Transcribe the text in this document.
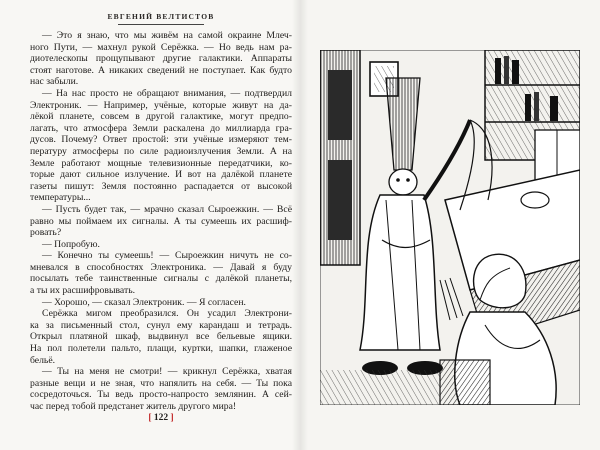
ЕВГЕНИЙ ВЕЛТИСТОВ
— Это я знаю, что мы живём на самой окраине Млеч-
ного Пути, — махнул рукой Серёжка. — Но ведь нам ра-
диотелескопы прощупывают другие галактики. Аппараты
стоят наготове. А никаких сведений не поступает. Как будто
нас забыли.
— На нас просто не обращают внимания, — подтвердил
Электроник. — Например, учёные, которые живут на да-
лёкой планете, совсем в другой галактике, могут предпо-
лагать, что атмосфера Земли раскалена до миллиарда гра-
дусов. Почему? Ответ простой: эти учёные измеряют тем-
пературу атмосферы по силе радиоизлучения Земли. А на
Земле работают мощные телевизионные передатчики, ко-
торые дают сильное излучение. И вот на далёкой планете
газеты пишут: Земля постоянно распадается от высокой
температуры...
— Пусть будет так, — мрачно сказал Сыроежкин. — Всё
равно мы поймаем их сигналы. А ты сумеешь их расшиф-
ровать?
— Попробую.
— Конечно ты сумеешь! — Сыроежкин ничуть не со-
мневался в способностях Электроника. — Давай я буду
посылать тебе таинственные сигналы с далёкой планеты,
а ты их расшифровывать.
— Хорошо, — сказал Электроник. — Я согласен.
Серёжка мигом преобразился. Он усадил Электрони-
ка за письменный стол, сунул ему карандаш и тетрадь.
Открыл платяной шкаф, выдвинул все бельевые ящики.
На пол полетели пальто, плащи, куртки, шапки, глаженое
бельё.
— Ты на меня не смотри! — крикнул Серёжка, хватая
разные вещи и не зная, что напялить на себя. — Ты пока
сосредоточься. Ты ведь просто-напросто землянин. А сей-
час перед тобой предстанет житель другого мира!
[ 122 ]
